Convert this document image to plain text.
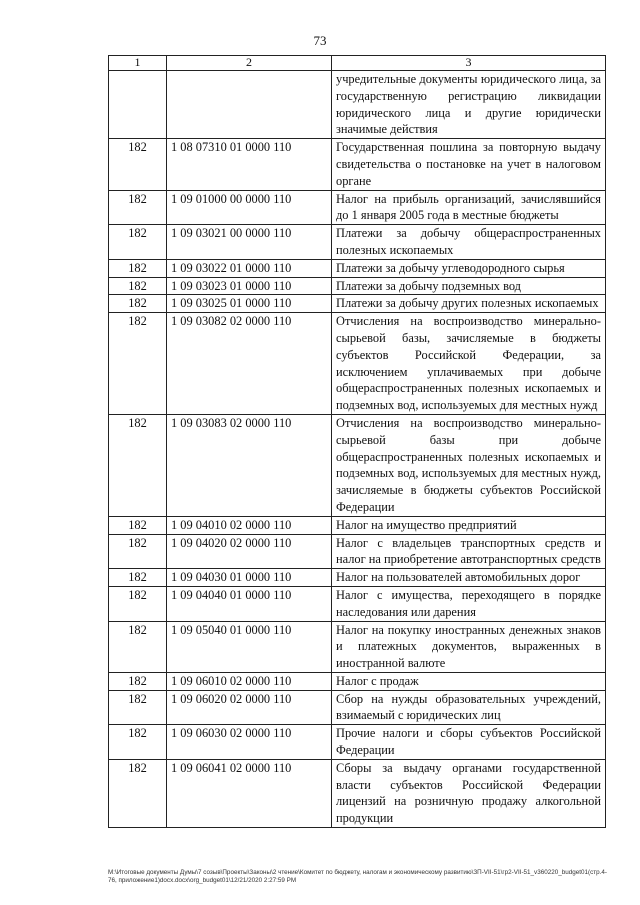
73
1	2	3
		учредительные документы юридического лица, за государственную регистрацию ликвидации юридического лица и другие юридически значимые действия
182	1 08 07310 01 0000 110	Государственная пошлина за повторную выдачу свидетельства о постановке на учет в налоговом органе
182	1 09 01000 00 0000 110	Налог на прибыль организаций, зачислявшийся до 1 января 2005 года в местные бюджеты
182	1 09 03021 00 0000 110	Платежи за добычу общераспространенных полезных ископаемых
182	1 09 03022 01 0000 110	Платежи за добычу углеводородного сырья
182	1 09 03023 01 0000 110	Платежи за добычу подземных вод
182	1 09 03025 01 0000 110	Платежи за добычу других полезных ископаемых
182	1 09 03082 02 0000 110	Отчисления на воспроизводство минерально-сырьевой базы, зачисляемые в бюджеты субъектов Российской Федерации, за исключением уплачиваемых при добыче общераспространенных полезных ископаемых и подземных вод, используемых для местных нужд
182	1 09 03083 02 0000 110	Отчисления на воспроизводство минерально-сырьевой базы при добыче общераспространенных полезных ископаемых и подземных вод, используемых для местных нужд, зачисляемые в бюджеты субъектов Российской Федерации
182	1 09 04010 02 0000 110	Налог на имущество предприятий
182	1 09 04020 02 0000 110	Налог с владельцев транспортных средств и налог на приобретение автотранспортных средств
182	1 09 04030 01 0000 110	Налог на пользователей автомобильных дорог
182	1 09 04040 01 0000 110	Налог с имущества, переходящего в порядке наследования или дарения
182	1 09 05040 01 0000 110	Налог на покупку иностранных денежных знаков и платежных документов, выраженных в иностранной валюте
182	1 09 06010 02 0000 110	Налог с продаж
182	1 09 06020 02 0000 110	Сбор на нужды образовательных учреждений, взимаемый с юридических лиц
182	1 09 06030 02 0000 110	Прочие налоги и сборы субъектов Российской Федерации
182	1 09 06041 02 0000 110	Сборы за выдачу органами государственной власти субъектов Российской Федерации лицензий на розничную продажу алкогольной продукции
M:\Итоговые документы Думы\7 созыв\Проекты\Законы\2 чтение\Комитет по бюджету, налогам и экономическому развитию\ЗП-VII-51\гр2-VII-51_v360220_budget01(стр.4-76, приложение1)docx.docx\org_budget01\12/21/2020 2:27:59 PM
